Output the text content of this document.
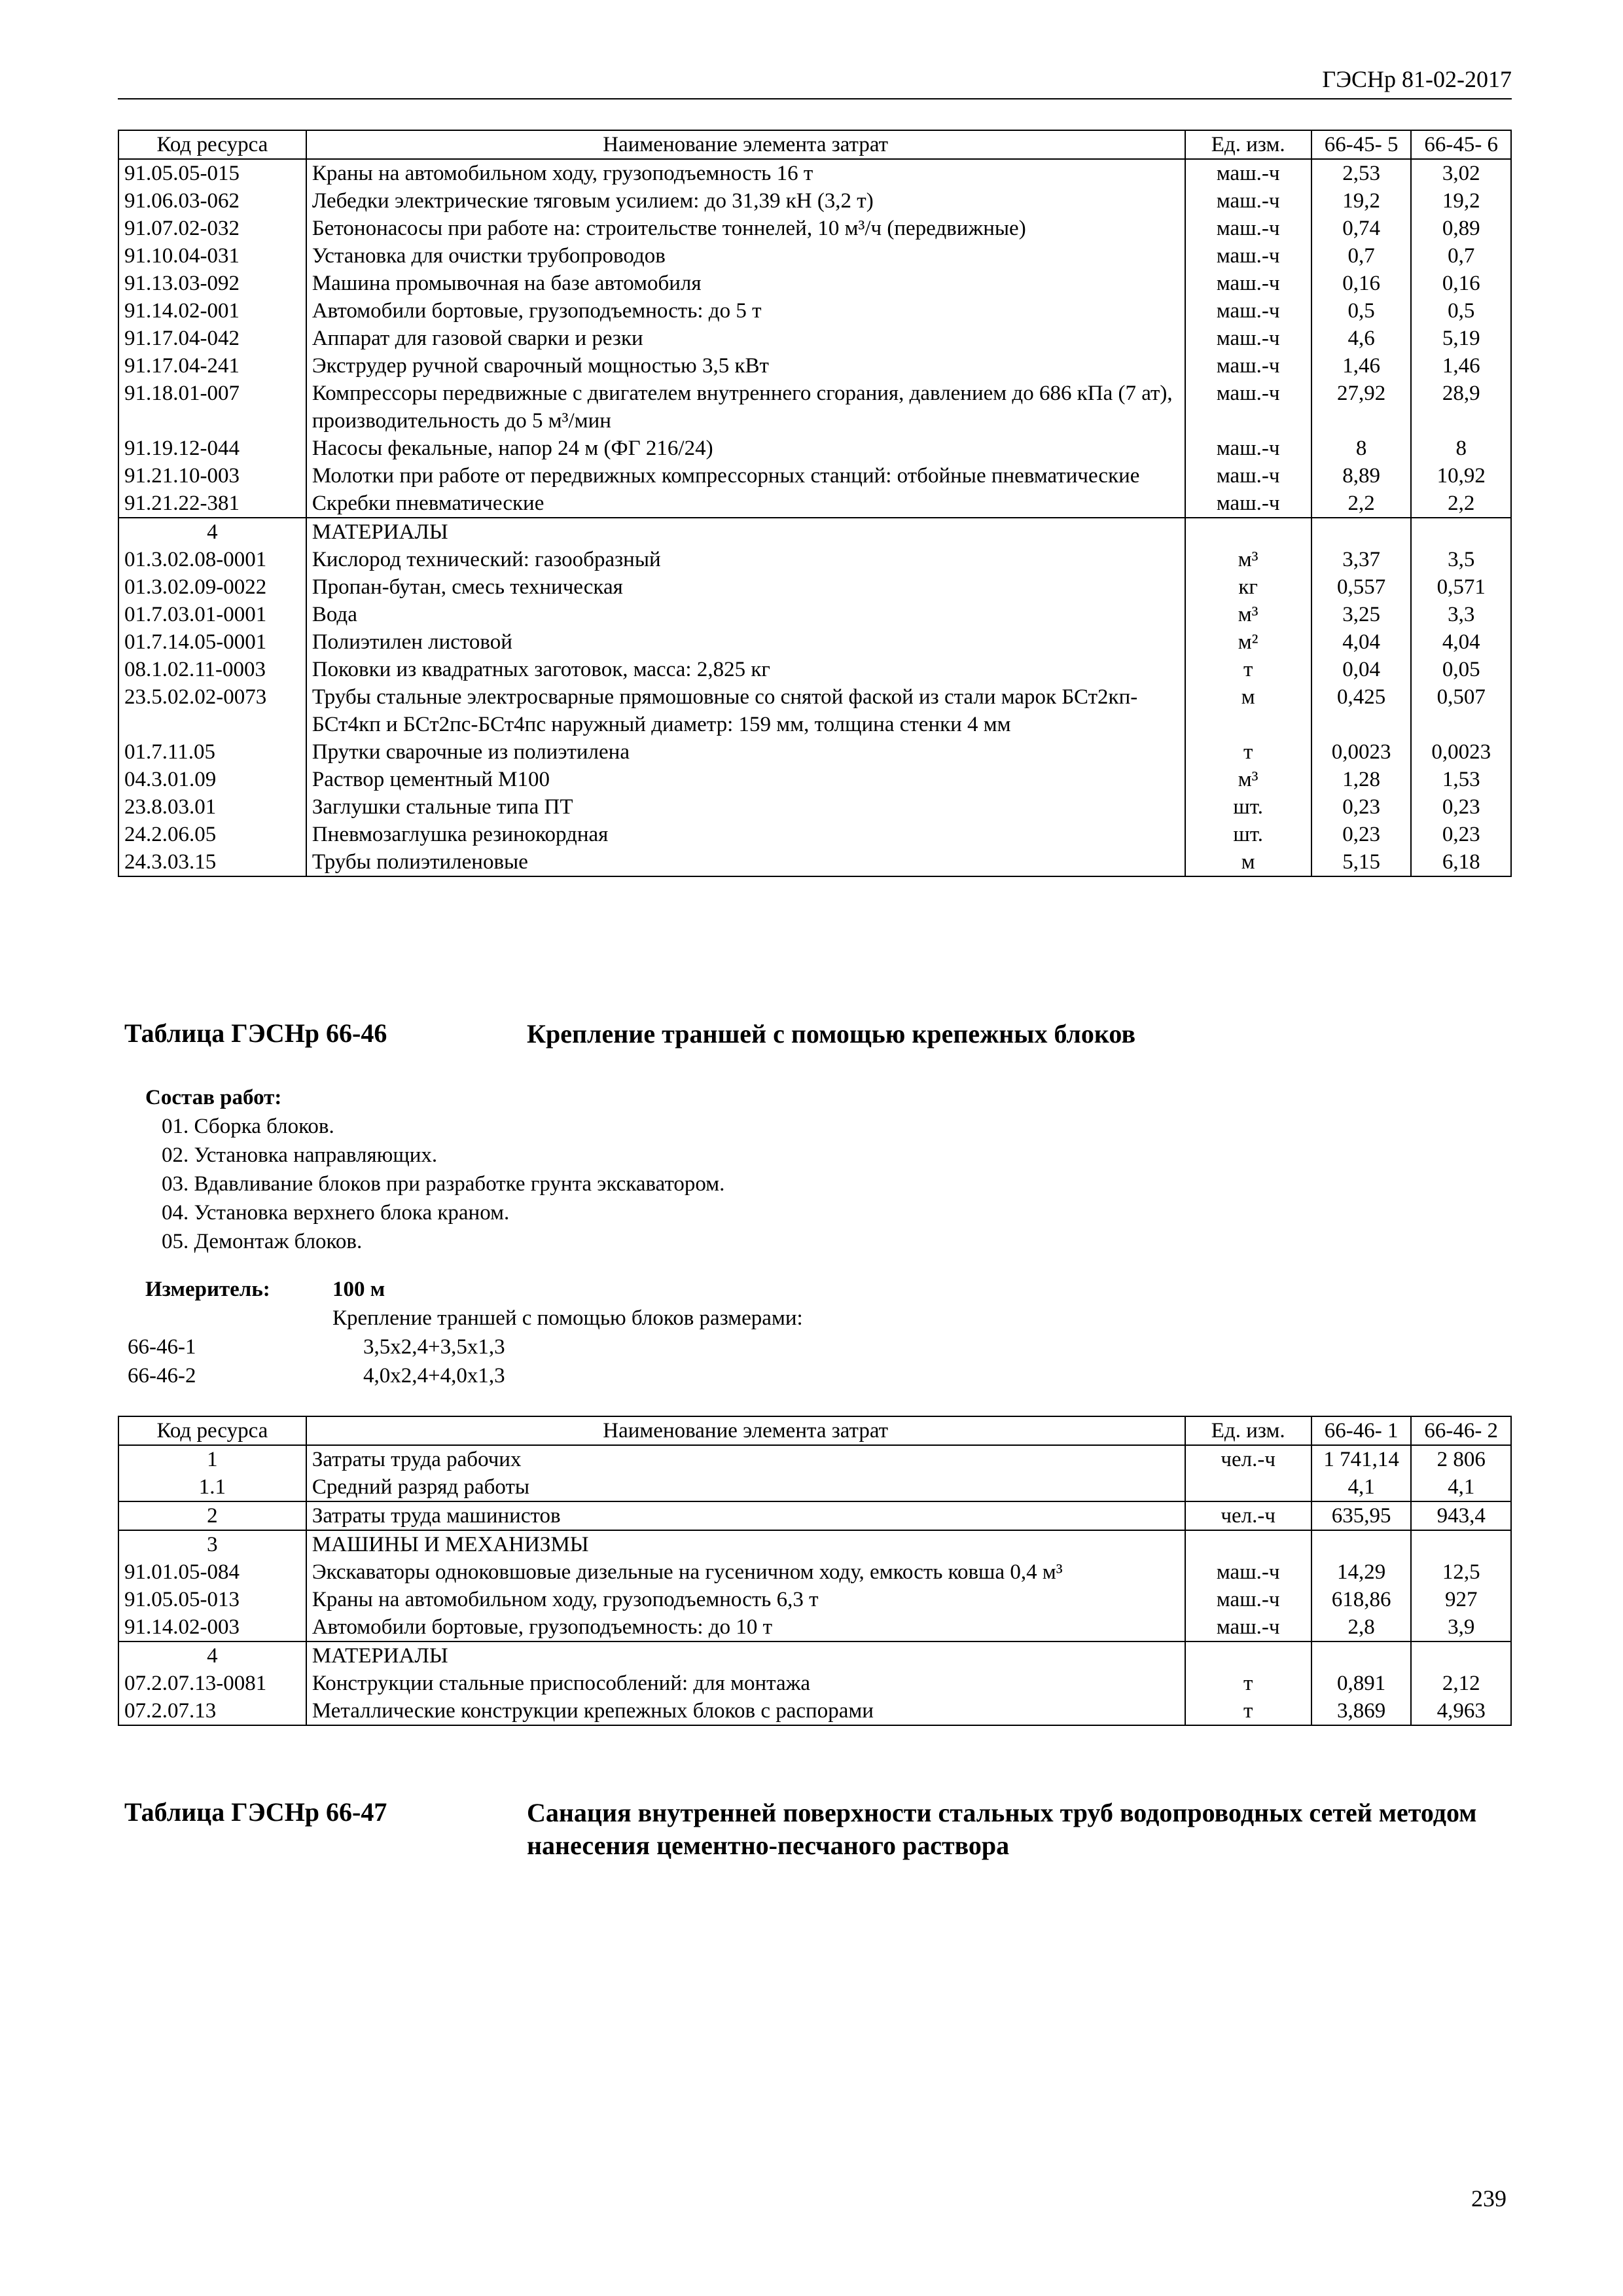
ГЭСНр 81-02-2017
Код ресурса	Наименование элемента затрат	Ед. изм.	66-45- 5	66-45- 6
91.05.05-015	Краны на автомобильном ходу, грузоподъемность 16 т	маш.-ч	2,53	3,02
91.06.03-062	Лебедки электрические тяговым усилием: до 31,39 кН (3,2 т)	маш.-ч	19,2	19,2
91.07.02-032	Бетононасосы при работе на: строительстве тоннелей, 10 м³/ч (передвижные)	маш.-ч	0,74	0,89
91.10.04-031	Установка для очистки трубопроводов	маш.-ч	0,7	0,7
91.13.03-092	Машина промывочная на базе автомобиля	маш.-ч	0,16	0,16
91.14.02-001	Автомобили бортовые, грузоподъемность: до 5 т	маш.-ч	0,5	0,5
91.17.04-042	Аппарат для газовой сварки и резки	маш.-ч	4,6	5,19
91.17.04-241	Экструдер ручной сварочный мощностью 3,5 кВт	маш.-ч	1,46	1,46
91.18.01-007	Компрессоры передвижные с двигателем внутреннего сгорания, давлением до 686 кПа (7 ат), производительность до 5 м³/мин	маш.-ч	27,92	28,9
91.19.12-044	Насосы фекальные, напор 24 м (ФГ 216/24)	маш.-ч	8	8
91.21.10-003	Молотки при работе от передвижных компрессорных станций: отбойные пневматические	маш.-ч	8,89	10,92
91.21.22-381	Скребки пневматические	маш.-ч	2,2	2,2
4	МАТЕРИАЛЫ			
01.3.02.08-0001	Кислород технический: газообразный	м³	3,37	3,5
01.3.02.09-0022	Пропан-бутан, смесь техническая	кг	0,557	0,571
01.7.03.01-0001	Вода	м³	3,25	3,3
01.7.14.05-0001	Полиэтилен листовой	м²	4,04	4,04
08.1.02.11-0003	Поковки из квадратных заготовок, масса: 2,825 кг	т	0,04	0,05
23.5.02.02-0073	Трубы стальные электросварные прямошовные со снятой фаской из стали марок БСт2кп-БСт4кп и БСт2пс-БСт4пс наружный диаметр: 159 мм, толщина стенки 4 мм	м	0,425	0,507
01.7.11.05	Прутки сварочные из полиэтилена	т	0,0023	0,0023
04.3.01.09	Раствор цементный М100	м³	1,28	1,53
23.8.03.01	Заглушки стальные типа ПТ	шт.	0,23	0,23
24.2.06.05	Пневмозаглушка резинокордная	шт.	0,23	0,23
24.3.03.15	Трубы полиэтиленовые	м	5,15	6,18
Таблица ГЭСНр 66-46	Крепление траншей с помощью крепежных блоков
Состав работ:
01. Сборка блоков.
02. Установка направляющих.
03. Вдавливание блоков при разработке грунта экскаватором.
04. Установка верхнего блока краном.
05. Демонтаж блоков.
Измеритель:	100 м
Крепление траншей с помощью блоков размерами:
66-46-1	3,5x2,4+3,5x1,3
66-46-2	4,0x2,4+4,0x1,3
Код ресурса	Наименование элемента затрат	Ед. изм.	66-46- 1	66-46- 2
1	Затраты труда рабочих	чел.-ч	1 741,14	2 806
1.1	Средний разряд работы		4,1	4,1
2	Затраты труда машинистов	чел.-ч	635,95	943,4
3	МАШИНЫ И МЕХАНИЗМЫ			
91.01.05-084	Экскаваторы одноковшовые дизельные на гусеничном ходу, емкость ковша 0,4 м³	маш.-ч	14,29	12,5
91.05.05-013	Краны на автомобильном ходу, грузоподъемность 6,3 т	маш.-ч	618,86	927
91.14.02-003	Автомобили бортовые, грузоподъемность: до 10 т	маш.-ч	2,8	3,9
4	МАТЕРИАЛЫ			
07.2.07.13-0081	Конструкции стальные приспособлений: для монтажа	т	0,891	2,12
07.2.07.13	Металлические конструкции крепежных блоков с распорами	т	3,869	4,963
Таблица ГЭСНр 66-47	Санация внутренней поверхности стальных труб водопроводных сетей методом нанесения цементно-песчаного раствора
239
